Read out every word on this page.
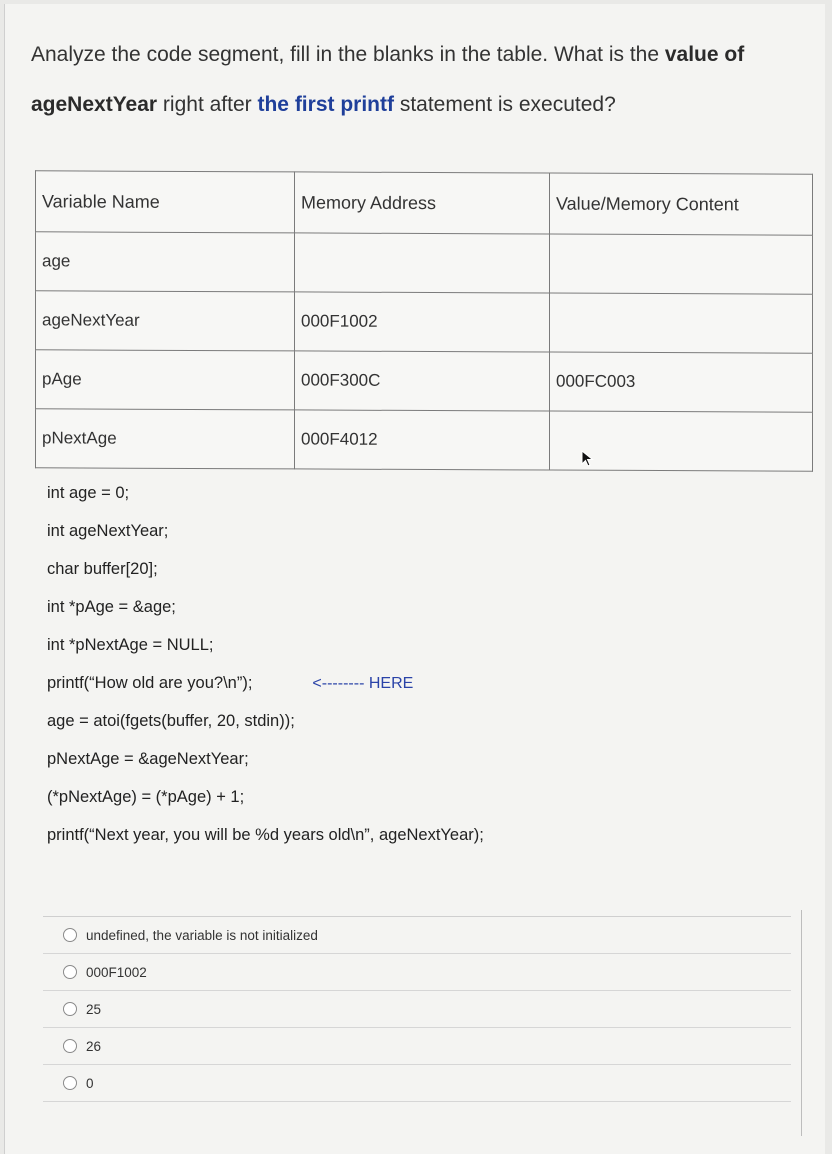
Analyze the code segment, fill in the blanks in the table. What is the value of
ageNextYear right after the first printf statement is executed?
Variable Name	Memory Address	Value/Memory Content
age		
ageNextYear	000F1002	
pAge	000F300C	000FC003
pNextAge	000F4012	
int age = 0;
int ageNextYear;
char buffer[20];
int *pAge = &age;
int *pNextAge = NULL;
printf(“How old are you?\n”);	<-------- HERE
age = atoi(fgets(buffer, 20, stdin));
pNextAge = &ageNextYear;
(*pNextAge) = (*pAge) + 1;
printf(“Next year, you will be %d years old\n”, ageNextYear);
undefined, the variable is not initialized
000F1002
25
26
0
